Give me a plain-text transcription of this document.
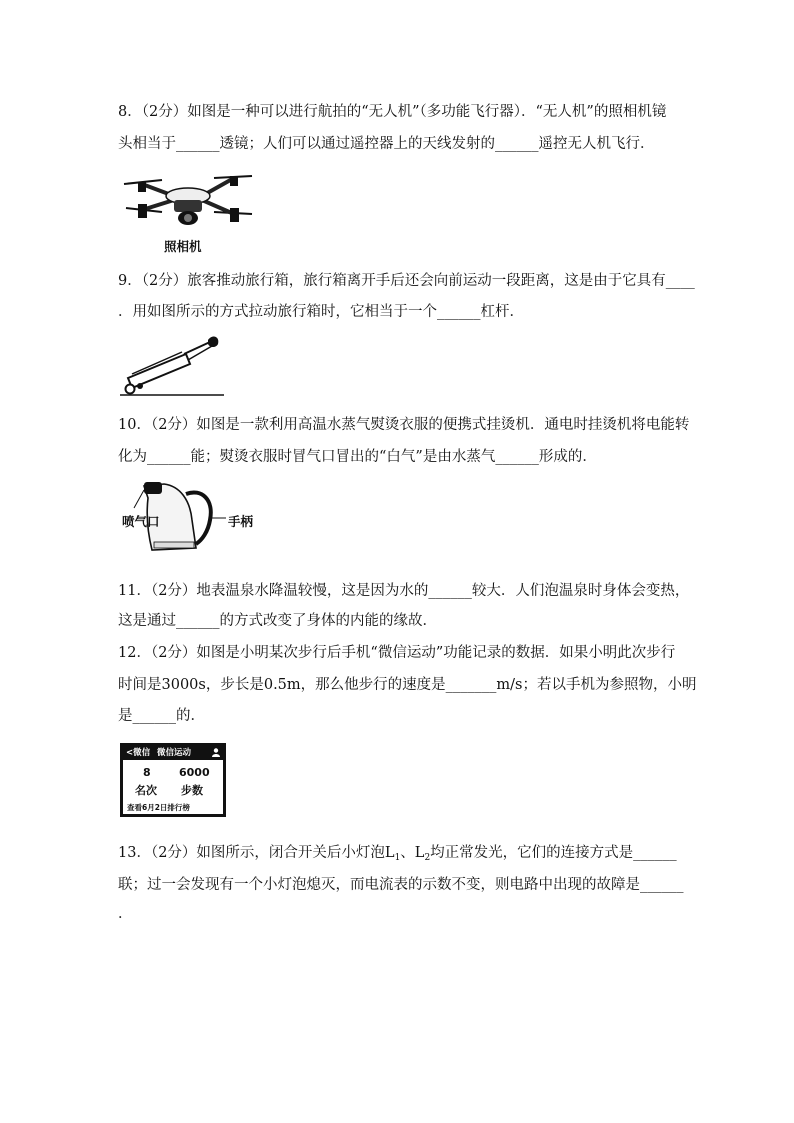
8．（2分）如图是一种可以进行航拍的“无人机”（多功能飞行器）．“无人机”的照相机镜
头相当于______透镜；人们可以通过遥控器上的天线发射的______遥控无人机飞行．
照相机
9．（2分）旅客推动旅行箱，旅行箱离开手后还会向前运动一段距离，这是由于它具有____
．用如图所示的方式拉动旅行箱时，它相当于一个______杠杆．
10．（2分）如图是一款利用高温水蒸气熨烫衣服的便携式挂烫机．通电时挂烫机将电能转
化为______能；熨烫衣服时冒气口冒出的“白气”是由水蒸气______形成的．
喷气口	手柄
11．（2分）地表温泉水降温较慢，这是因为水的______较大．人们泡温泉时身体会变热，
这是通过______的方式改变了身体的内能的缘故．
12．（2分）如图是小明某次步行后手机“微信运动”功能记录的数据．如果小明此次步行
时间是3000s，步长是0.5m，那么他步行的速度是_______m/s；若以手机为参照物，小明
是______的．
<微信 微信运动
8	6000
名次 步数
查看6月2日排行榜
13．（2分）如图所示，闭合开关后小灯泡$L_1$、$L_2$均正常发光，它们的连接方式是______
联；过一会发现有一个小灯泡熄灭，而电流表的示数不变，则电路中出现的故障是______
．
